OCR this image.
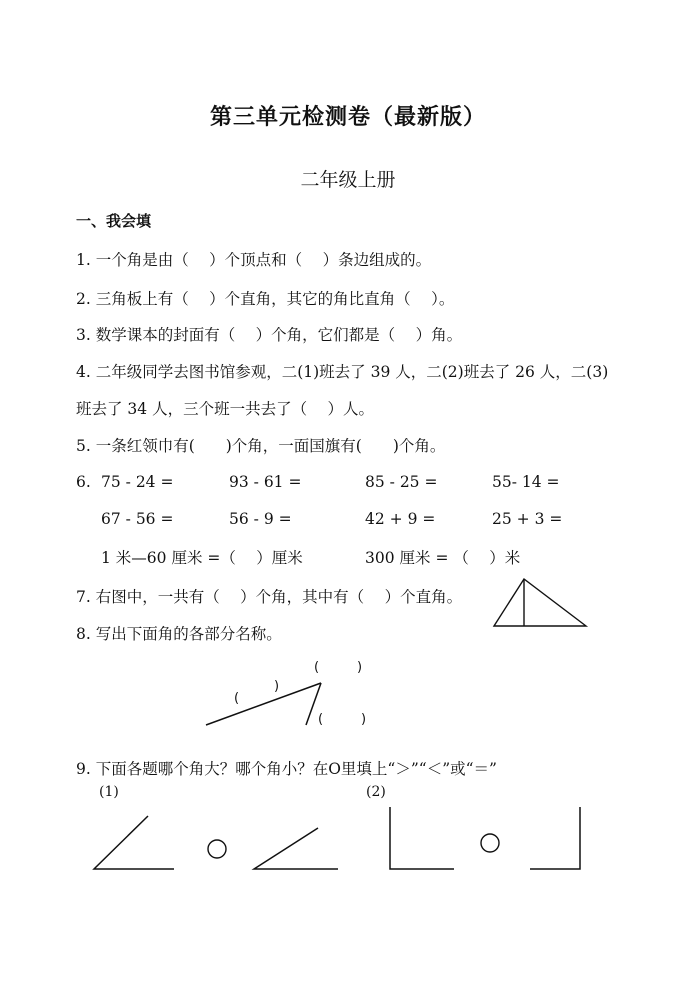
第三单元检测卷（最新版）
二年级上册
一、我会填
1. 一个角是由（　 ）个顶点和（　 ）条边组成的。
2. 三角板上有（　 ）个直角，其它的角比直角（　 ）。
3. 数学课本的封面有（　 ）个角，它们都是（　 ）角。
4. 二年级同学去图书馆参观，二(1)班去了 39 人，二(2)班去了 26 人，二(3)
班去了 34 人，三个班一共去了（　 ）人。
5. 一条红领巾有(　　)个角，一面国旗有(　　)个角。
6. 75 - 24 =	93 - 61 =	85 - 25 =	55- 14 =
67 - 56 =	56 - 9 =	42 + 9 =	25 + 3 =
1 米—60 厘米 =（　 ）厘米	300 厘米 = （　 ）米
7. 右图中，一共有（　 ）个角，其中有（　 ）个直角。
8. 写出下面角的各部分名称。
(	)
(
)
(	)
9. 下面各题哪个角大？哪个角小？在O里填上“＞”“＜”或“＝”
(1)	(2)
